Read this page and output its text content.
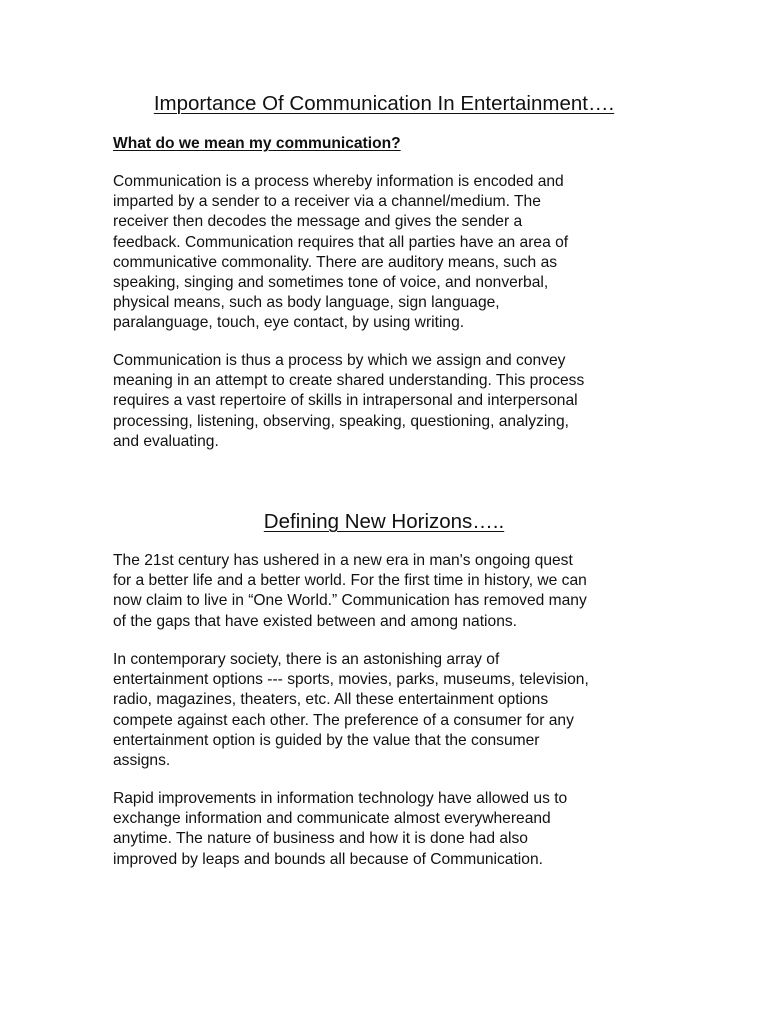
Importance Of Communication In Entertainment….
What do we mean my communication?

Communication is a process whereby information is encoded and
imparted by a sender to a receiver via a channel/medium. The
receiver then decodes the message and gives the sender a
feedback. Communication requires that all parties have an area of
communicative commonality. There are auditory means, such as
speaking, singing and sometimes tone of voice, and nonverbal,
physical means, such as body language, sign language,
paralanguage, touch, eye contact, by using writing.

Communication is thus a process by which we assign and convey
meaning in an attempt to create shared understanding. This process
requires a vast repertoire of skills in intrapersonal and interpersonal
processing, listening, observing, speaking, questioning, analyzing,
and evaluating.

Defining New Horizons…..

The 21st century has ushered in a new era in man's ongoing quest
for a better life and a better world. For the first time in history, we can
now claim to live in “One World.” Communication has removed many
of the gaps that have existed between and among nations.

In contemporary society, there is an astonishing array of
entertainment options --- sports, movies, parks, museums, television,
radio, magazines, theaters, etc. All these entertainment options
compete against each other. The preference of a consumer for any
entertainment option is guided by the value that the consumer
assigns.

Rapid improvements in information technology have allowed us to
exchange information and communicate almost everywhereand
anytime. The nature of business and how it is done had also
improved by leaps and bounds all because of Communication.
